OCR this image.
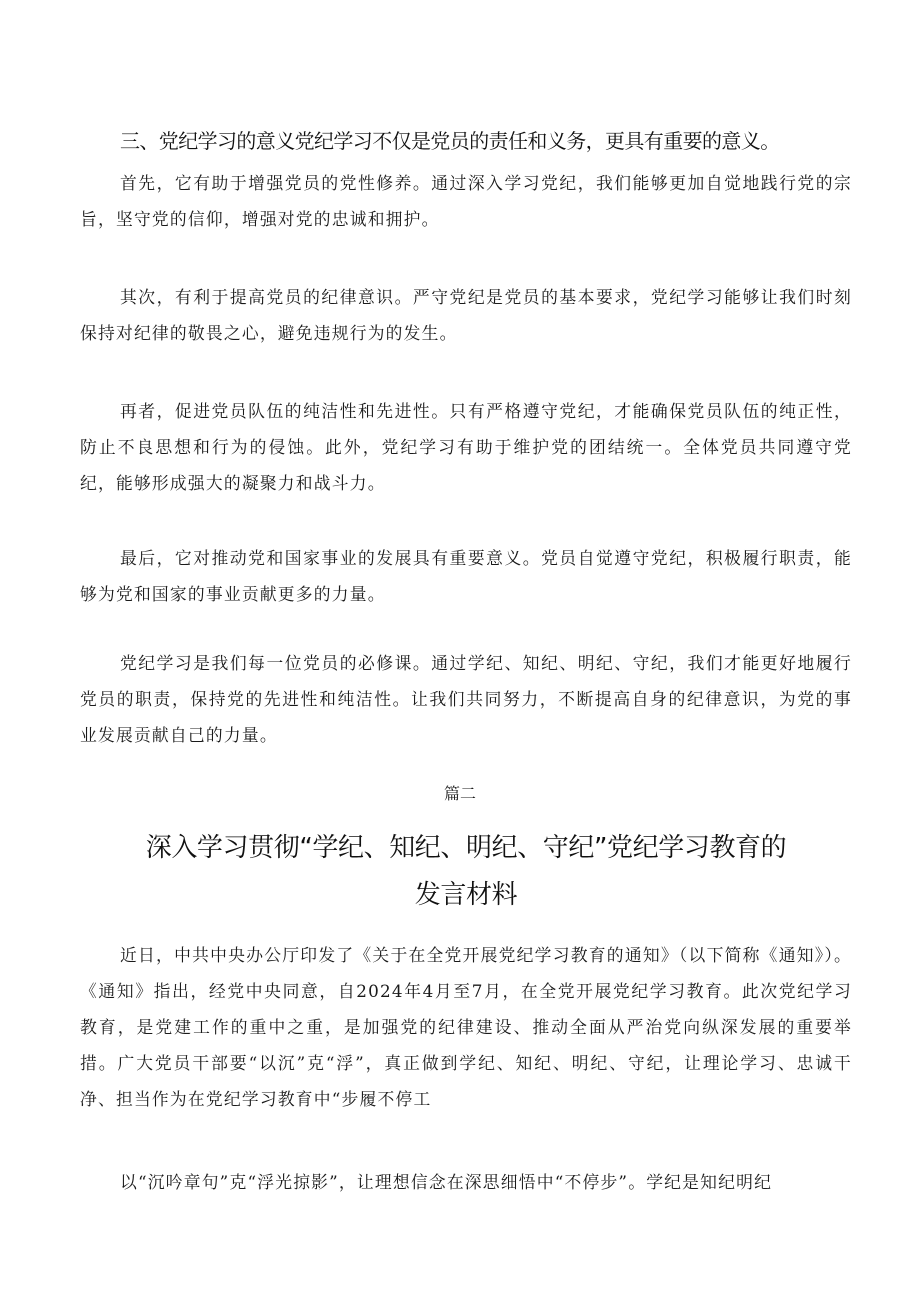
三、党纪学习的意义党纪学习不仅是党员的责任和义务，更具有重要的意义。

首先，它有助于增强党员的党性修养。通过深入学习党纪，我们能够更加自觉地践行党的宗旨，坚守党的信仰，增强对党的忠诚和拥护。

其次，有利于提高党员的纪律意识。严守党纪是党员的基本要求，党纪学习能够让我们时刻保持对纪律的敬畏之心，避免违规行为的发生。

再者，促进党员队伍的纯洁性和先进性。只有严格遵守党纪，才能确保党员队伍的纯正性，防止不良思想和行为的侵蚀。此外，党纪学习有助于维护党的团结统一。全体党员共同遵守党纪，能够形成强大的凝聚力和战斗力。

最后，它对推动党和国家事业的发展具有重要意义。党员自觉遵守党纪，积极履行职责，能够为党和国家的事业贡献更多的力量。

党纪学习是我们每一位党员的必修课。通过学纪、知纪、明纪、守纪，我们才能更好地履行党员的职责，保持党的先进性和纯洁性。让我们共同努力，不断提高自身的纪律意识，为党的事业发展贡献自己的力量。

篇二
深入学习贯彻“学纪、知纪、明纪、守纪”党纪学习教育的
发言材料

近日，中共中央办公厅印发了《关于在全党开展党纪学习教育的通知》（以下简称《通知》）。《通知》指出，经党中央同意，自2024年4月至7月，在全党开展党纪学习教育。此次党纪学习教育，是党建工作的重中之重，是加强党的纪律建设、推动全面从严治党向纵深发展的重要举措。广大党员干部要“以沉”克“浮”，真正做到学纪、知纪、明纪、守纪，让理论学习、忠诚干净、担当作为在党纪学习教育中“步履不停工

以“沉吟章句”克“浮光掠影”，让理想信念在深思细悟中“不停步”。学纪是知纪明纪
